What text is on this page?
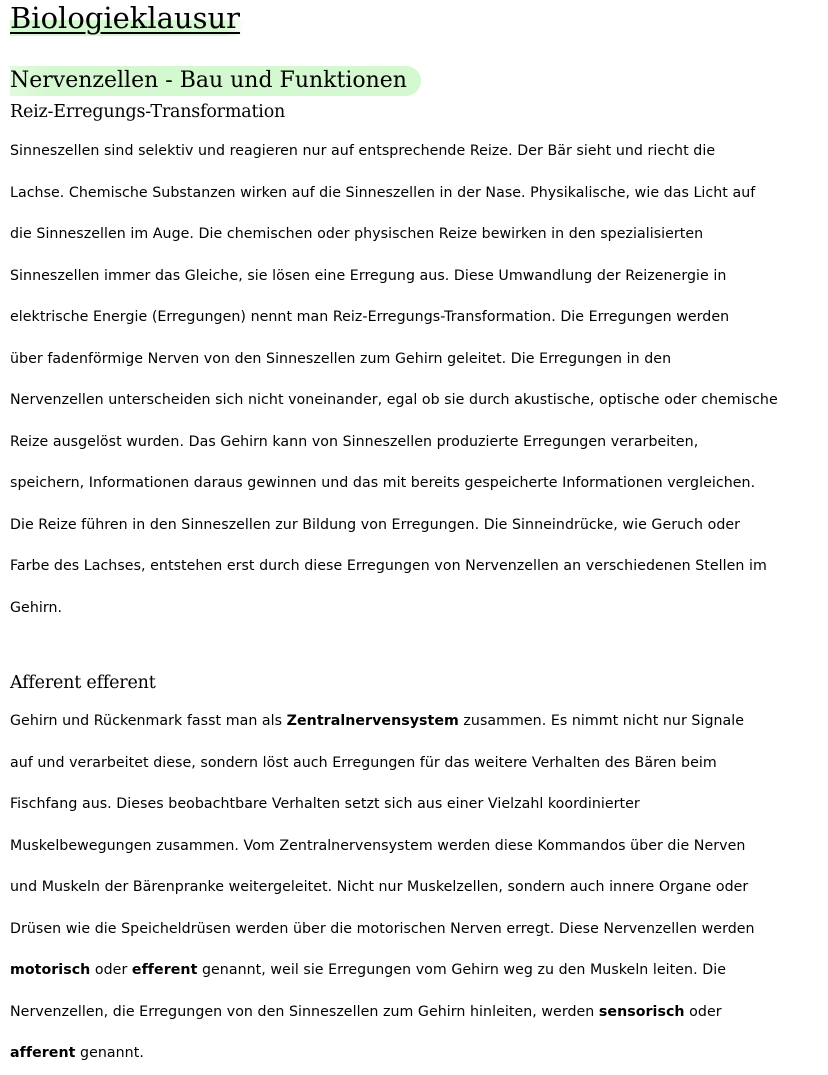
Biologieklausur
Nervenzellen - Bau und Funktionen
Reiz-Erregungs-Transformation
Sinneszellen sind selektiv und reagieren nur auf entsprechende Reize. Der Bär sieht und riecht die
Lachse. Chemische Substanzen wirken auf die Sinneszellen in der Nase. Physikalische, wie das Licht auf
die Sinneszellen im Auge. Die chemischen oder physischen Reize bewirken in den spezialisierten
Sinneszellen immer das Gleiche, sie lösen eine Erregung aus. Diese Umwandlung der Reizenergie in
elektrische Energie (Erregungen) nennt man Reiz-Erregungs-Transformation. Die Erregungen werden
über fadenförmige Nerven von den Sinneszellen zum Gehirn geleitet. Die Erregungen in den
Nervenzellen unterscheiden sich nicht voneinander, egal ob sie durch akustische, optische oder chemische
Reize ausgelöst wurden. Das Gehirn kann von Sinneszellen produzierte Erregungen verarbeiten,
speichern, Informationen daraus gewinnen und das mit bereits gespeicherte Informationen vergleichen.
Die Reize führen in den Sinneszellen zur Bildung von Erregungen. Die Sinneindrücke, wie Geruch oder
Farbe des Lachses, entstehen erst durch diese Erregungen von Nervenzellen an verschiedenen Stellen im
Gehirn.
Afferent efferent
Gehirn und Rückenmark fasst man als Zentralnervensystem zusammen. Es nimmt nicht nur Signale
auf und verarbeitet diese, sondern löst auch Erregungen für das weitere Verhalten des Bären beim
Fischfang aus. Dieses beobachtbare Verhalten setzt sich aus einer Vielzahl koordinierter
Muskelbewegungen zusammen. Vom Zentralnervensystem werden diese Kommandos über die Nerven
und Muskeln der Bärenpranke weitergeleitet. Nicht nur Muskelzellen, sondern auch innere Organe oder
Drüsen wie die Speicheldrüsen werden über die motorischen Nerven erregt. Diese Nervenzellen werden
motorisch oder efferent genannt, weil sie Erregungen vom Gehirn weg zu den Muskeln leiten. Die
Nervenzellen, die Erregungen von den Sinneszellen zum Gehirn hinleiten, werden sensorisch oder
afferent genannt.
